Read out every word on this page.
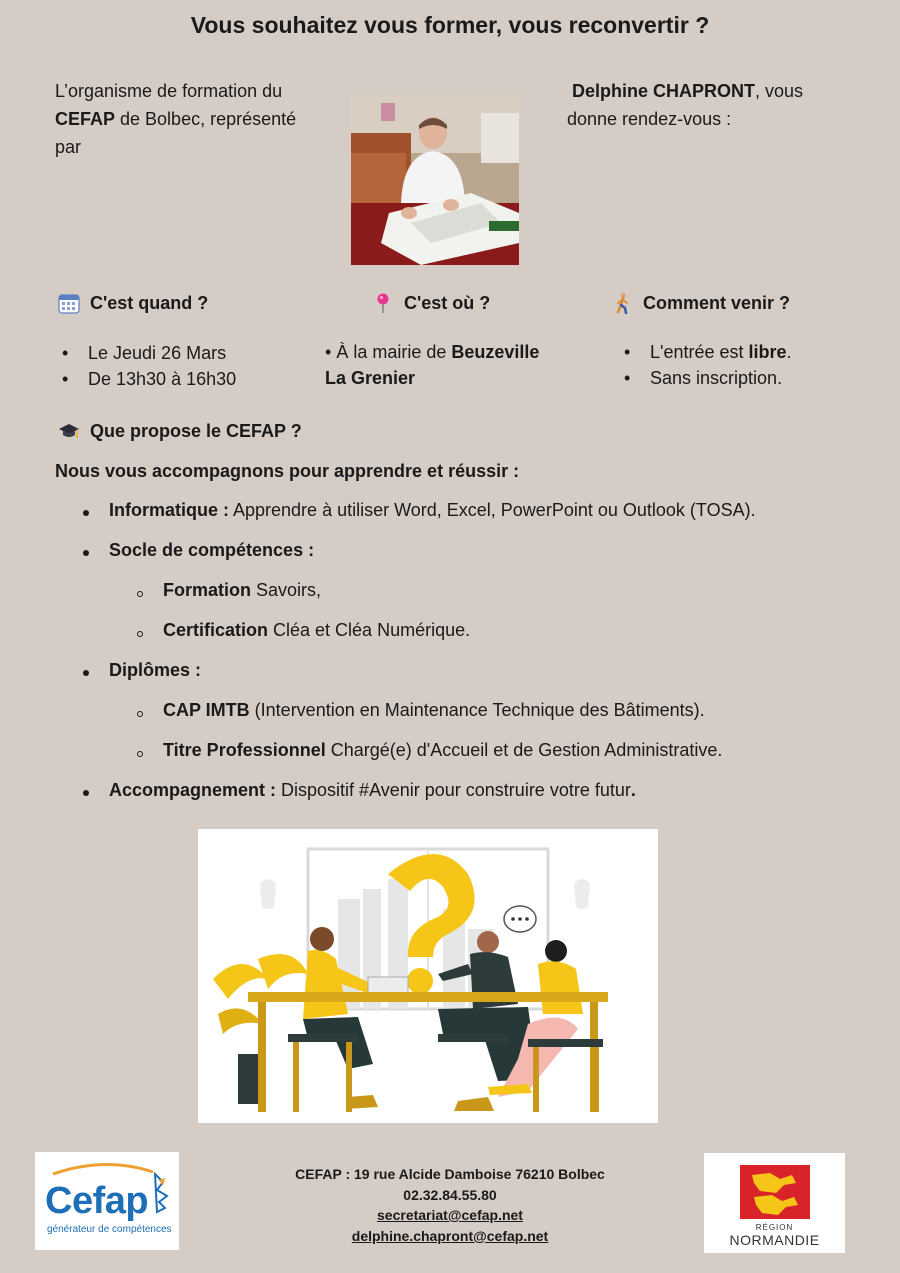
Vous souhaitez vous former, vous reconvertir ?
L’organisme de formation du
CEFAP de Bolbec, représenté
par
Delphine CHAPRONT, vous
donne rendez-vous :
C'est quand ?
• Le Jeudi 26 Mars
• De 13h30 à 16h30
C'est où ?
• À la mairie de Beuzeville
La Grenier
Comment venir ?
• L'entrée est libre.
• Sans inscription.
Que propose le CEFAP ?
Nous vous accompagnons pour apprendre et réussir :
Informatique : Apprendre à utiliser Word, Excel, PowerPoint ou Outlook (TOSA).
Socle de compétences :
Formation Savoirs,
Certification Cléa et Cléa Numérique.
Diplômes :
CAP IMTB (Intervention en Maintenance Technique des Bâtiments).
Titre Professionnel Chargé(e) d'Accueil et de Gestion Administrative.
Accompagnement : Dispositif #Avenir pour construire votre futur.
Cefap
générateur de compétences
CEFAP : 19 rue Alcide Damboise 76210 Bolbec
02.32.84.55.80
secretariat@cefap.net
delphine.chapront@cefap.net	RÉGION
NORMANDIE
